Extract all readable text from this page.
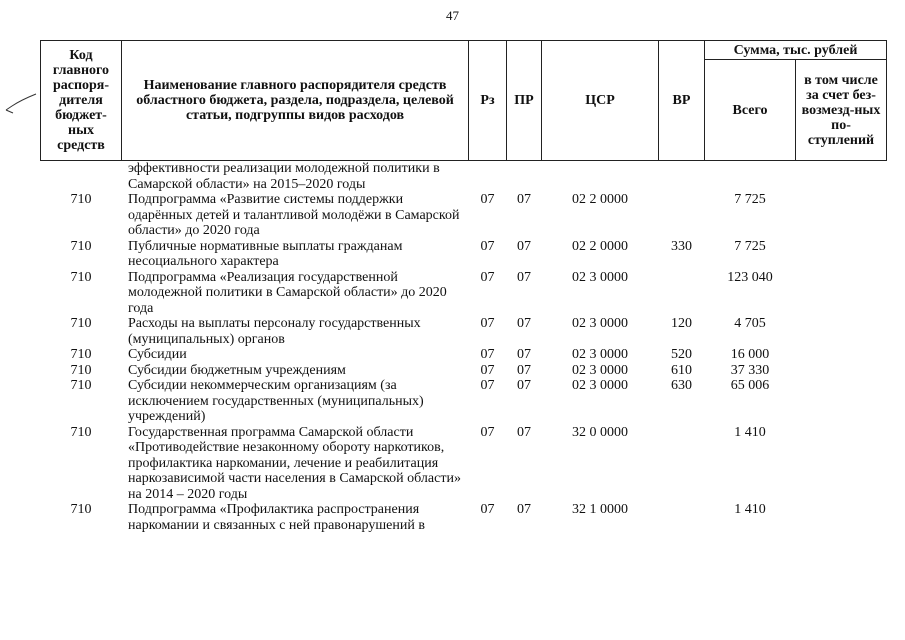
47
Код главного распоря-дителя бюджет-ных средств	Наименование главного распорядителя средств областного бюджета, раздела, подраздела, целевой статьи, подгруппы видов расходов	Рз	ПР	ЦСР	ВР	Сумма, тыс. рублей	
						Всего	в том числе за счет без-возмезд-ных по-ступлений
	эффективности реализации молодежной политики в Самарской области» на 2015–2020 годы						
710	Подпрограмма «Развитие системы поддержки одарённых детей и талантливой молодёжи в Самарской области» до 2020 года	07	07	02 2 0000		7 725	
710	Публичные нормативные выплаты гражданам несоциального характера	07	07	02 2 0000	330	7 725	
710	Подпрограмма «Реализация государственной молодежной политики в Самарской области» до 2020 года	07	07	02 3 0000		123 040	
710	Расходы на выплаты персоналу государственных (муниципальных) органов	07	07	02 3 0000	120	4 705	
710	Субсидии	07	07	02 3 0000	520	16 000	
710	Субсидии бюджетным учреждениям	07	07	02 3 0000	610	37 330	
710	Субсидии некоммерческим организациям (за исключением государственных (муниципальных) учреждений)	07	07	02 3 0000	630	65 006	
710	Государственная программа Самарской области «Противодействие незаконному обороту наркотиков, профилактика наркомании, лечение и реабилитация наркозависимой части населения в Самарской области» на 2014 – 2020 годы	07	07	32 0 0000		1 410	
710	Подпрограмма «Профилактика распространения наркомании и связанных с ней правонарушений в	07	07	32 1 0000		1 410	
